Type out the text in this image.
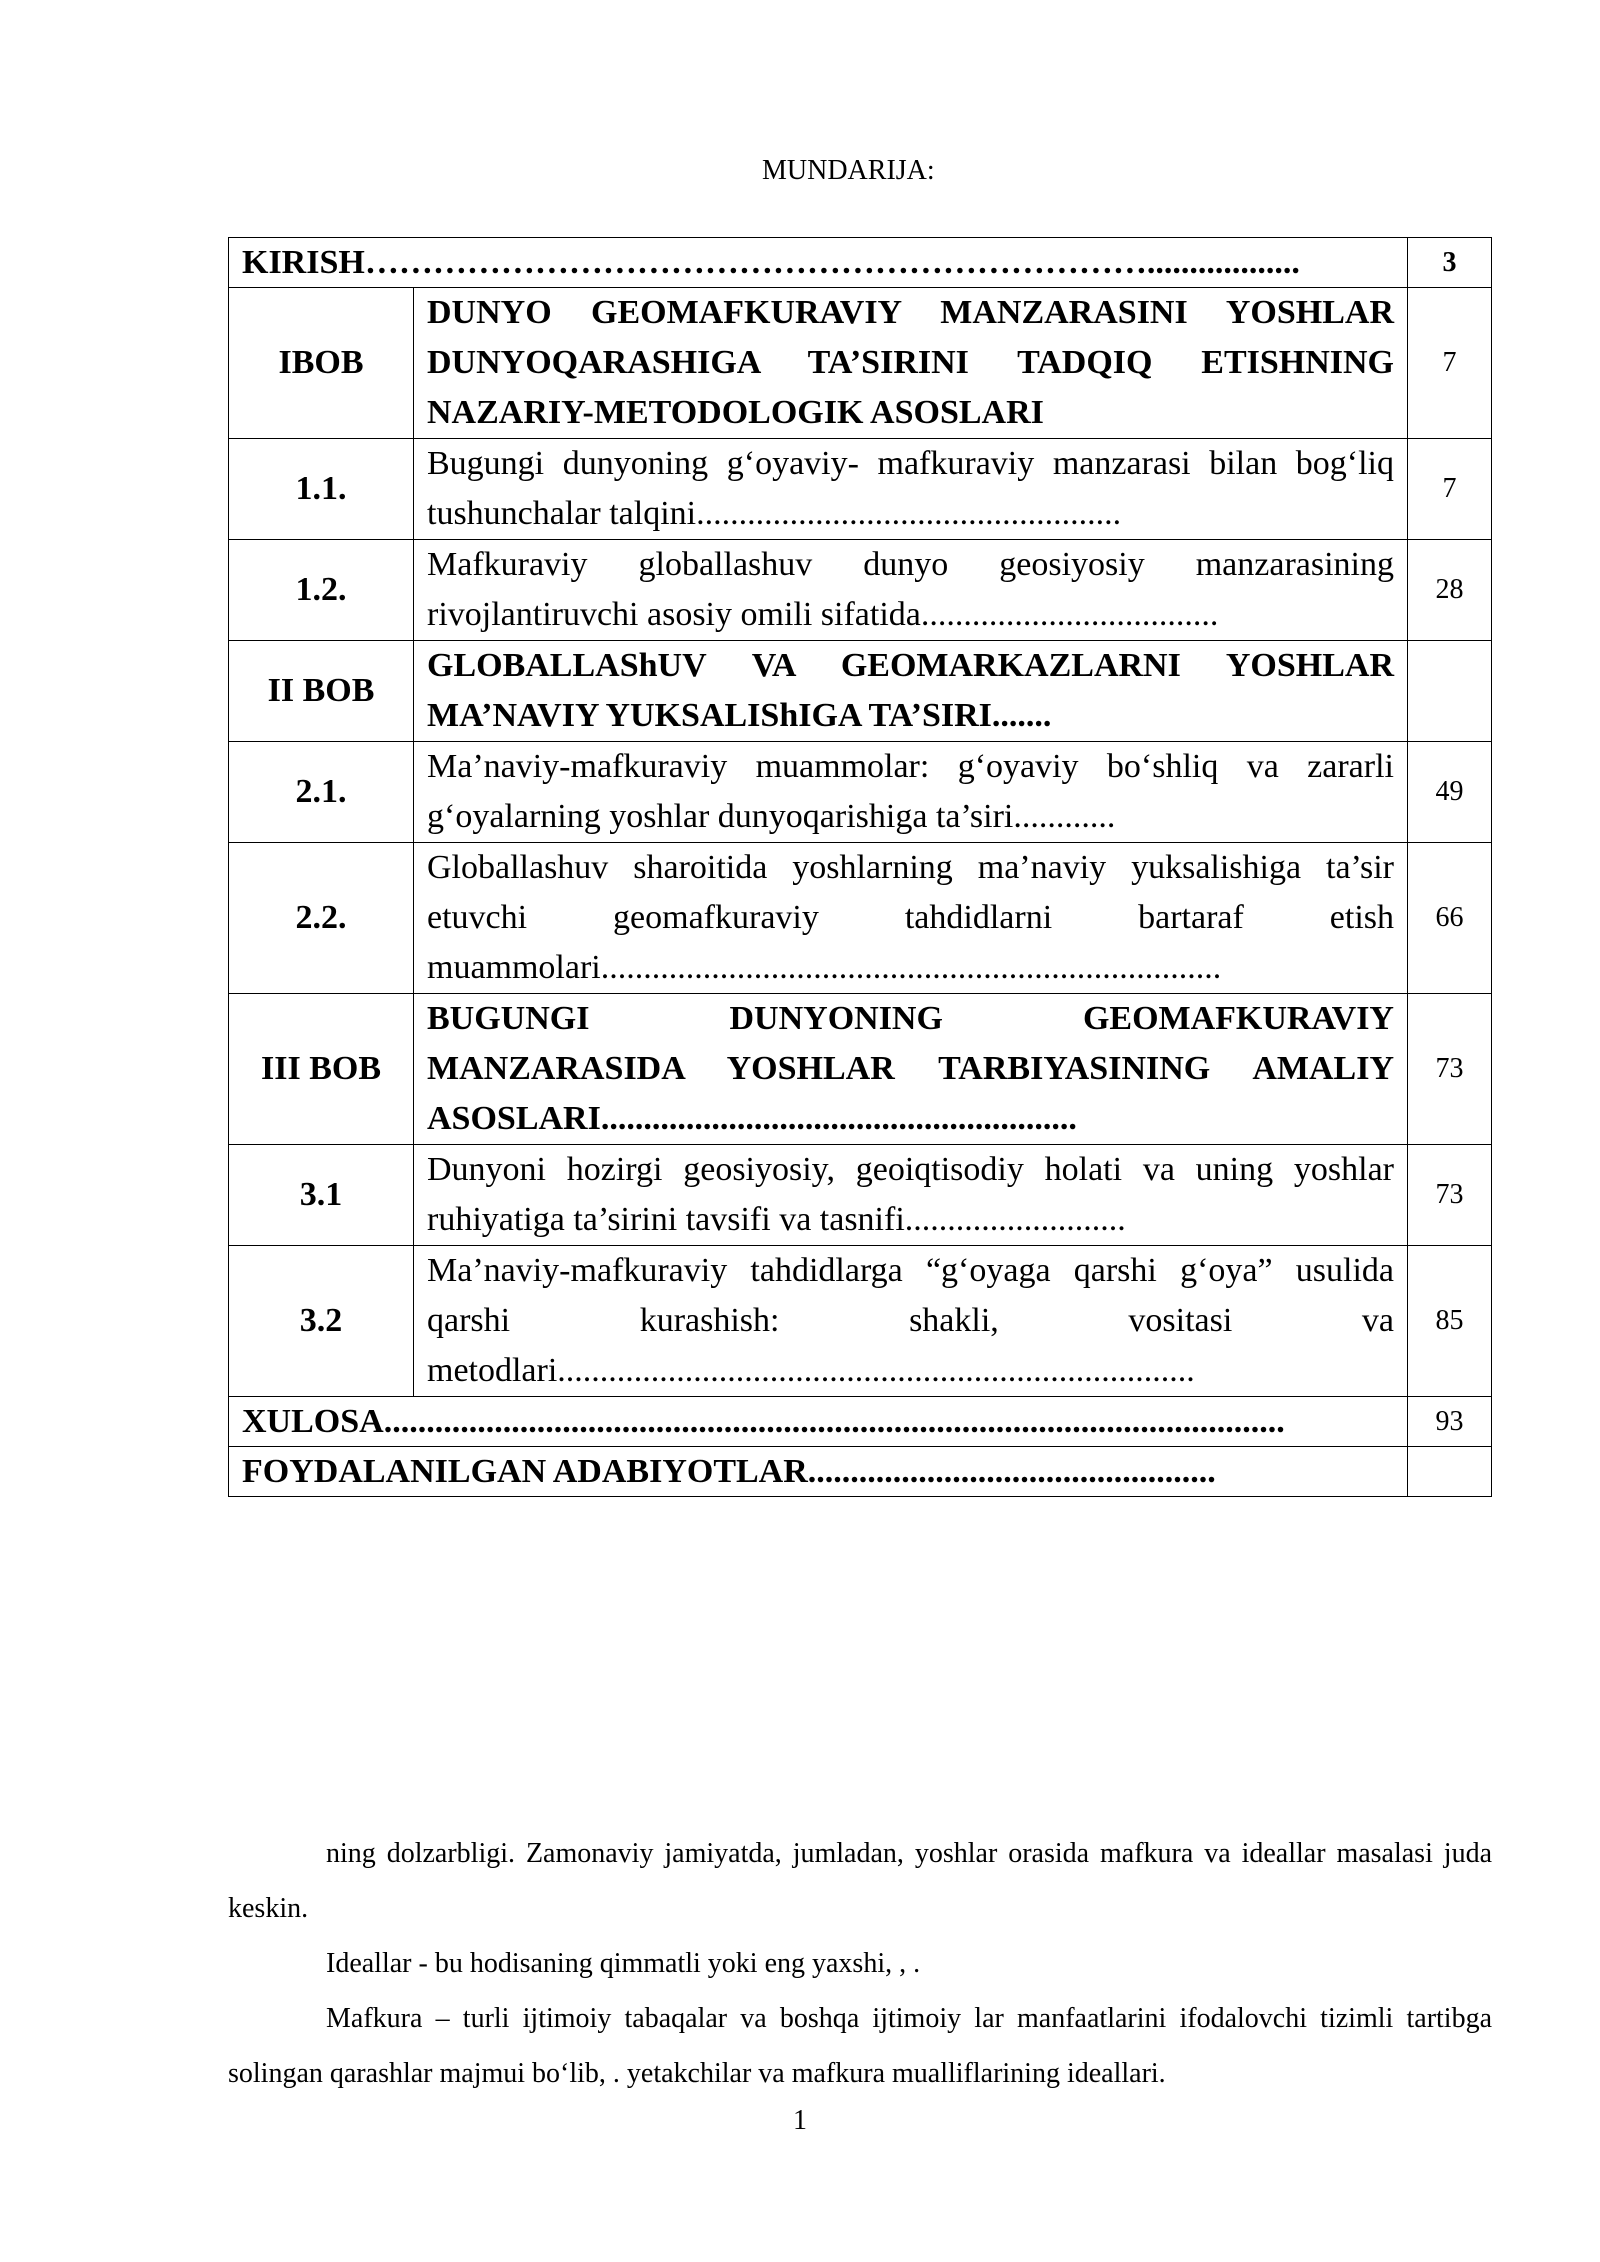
MUNDARIJA:
KIRISH……………………………………………………………..................		3
IBOB	DUNYO GEOMAFKURAVIY MANZARASINI YOSHLAR DUNYOQARASHIGA TA’SIRINI TADQIQ ETISHNING NAZARIY-METODOLOGIK ASOSLARI	7
1.1.	Bugungi dunyoning g‘oyaviy- mafkuraviy manzarasi bilan bog‘liq tushunchalar talqini..................................................	7
1.2.	Mafkuraviy globallashuv dunyo geosiyosiy manzarasining rivojlantiruvchi asosiy omili sifatida...................................	28
II BOB	GLOBALLAShUV VA GEOMARKAZLARNI YOSHLAR MA’NAVIY YUKSALIShIGA TA’SIRI.......	
2.1.	Ma’naviy-mafkuraviy muammolar: g‘oyaviy bo‘shliq va zararli g‘oyalarning yoshlar dunyoqarishiga ta’siri............	49
2.2.	Globallashuv sharoitida yoshlarning ma’naviy yuksalishiga ta’sir etuvchi geomafkuraviy tahdidlarni bartaraf etish muammolari.........................................................................	66
III BOB	BUGUNGI DUNYONING GEOMAFKURAVIY MANZARASIDA YOSHLAR TARBIYASINING AMALIY ASOSLARI........................................................	73
3.1	Dunyoni hozirgi geosiyosiy, geoiqtisodiy holati va uning yoshlar ruhiyatiga ta’sirini tavsifi va tasnifi..........................	73
3.2	Ma’naviy-mafkuraviy tahdidlarga “g‘oyaga qarshi g‘oya” usulida qarshi kurashish: shakli, vositasi va metodlari...........................................................................	85
XULOSA..........................................................................................................		93
FOYDALANILGAN ADABIYOTLAR................................................		

ning dolzarbligi. Zamonaviy jamiyatda, jumladan, yoshlar orasida mafkura va ideallar masalasi juda keskin.

Ideallar - bu hodisaning qimmatli yoki eng yaxshi, , .

Mafkura – turli ijtimoiy tabaqalar va boshqa ijtimoiy lar manfaatlarini ifodalovchi tizimli tartibga solingan qarashlar majmui bo‘lib, . yetakchilar va mafkura mualliflarining ideallari.

1
